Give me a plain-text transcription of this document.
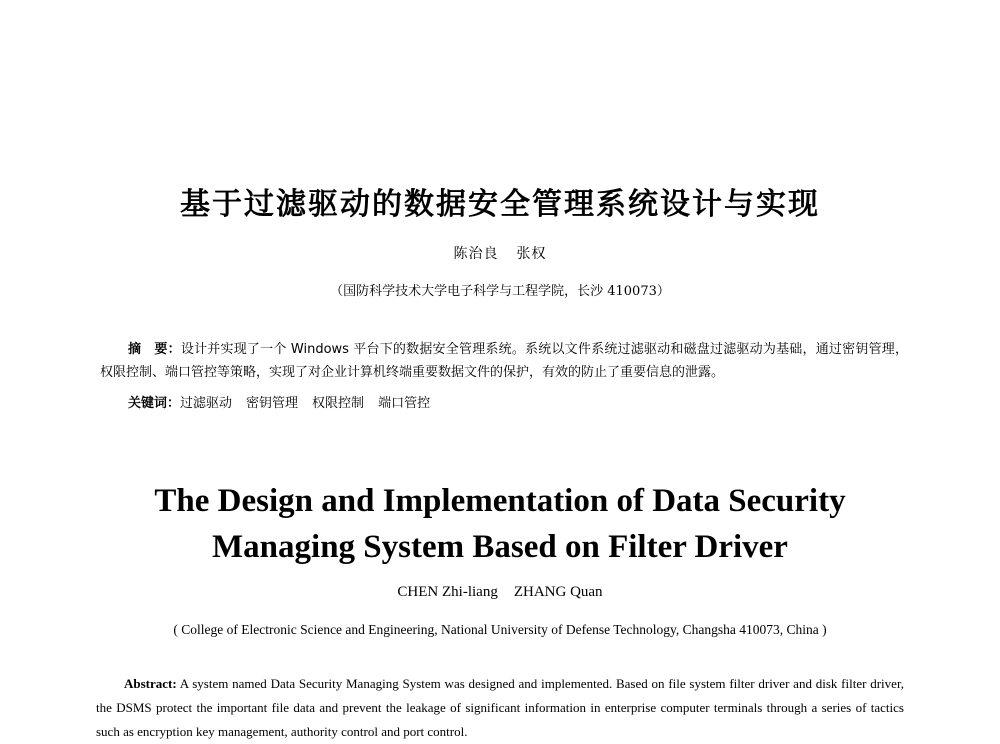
基于过滤驱动的数据安全管理系统设计与实现
陈治良 张权
（国防科学技术大学电子科学与工程学院，长沙 410073）
摘　要：设计并实现了一个 Windows 平台下的数据安全管理系统。系统以文件系统过滤驱动和磁盘过滤驱动为基础，通过密钥管理，权限控制、端口管控等策略，实现了对企业计算机终端重要数据文件的保护，有效的防止了重要信息的泄露。
关键词：过滤驱动 密钥管理 权限控制 端口管控
The Design and Implementation of Data Security
Managing System Based on Filter Driver
CHEN Zhi-liang ZHANG Quan
( College of Electronic Science and Engineering, National University of Defense Technology, Changsha 410073, China )
Abstract: A system named Data Security Managing System was designed and implemented. Based on file system filter driver and disk filter driver, the DSMS protect the important file data and prevent the leakage of significant information in enterprise computer terminals through a series of tactics such as encryption key management, authority control and port control.
